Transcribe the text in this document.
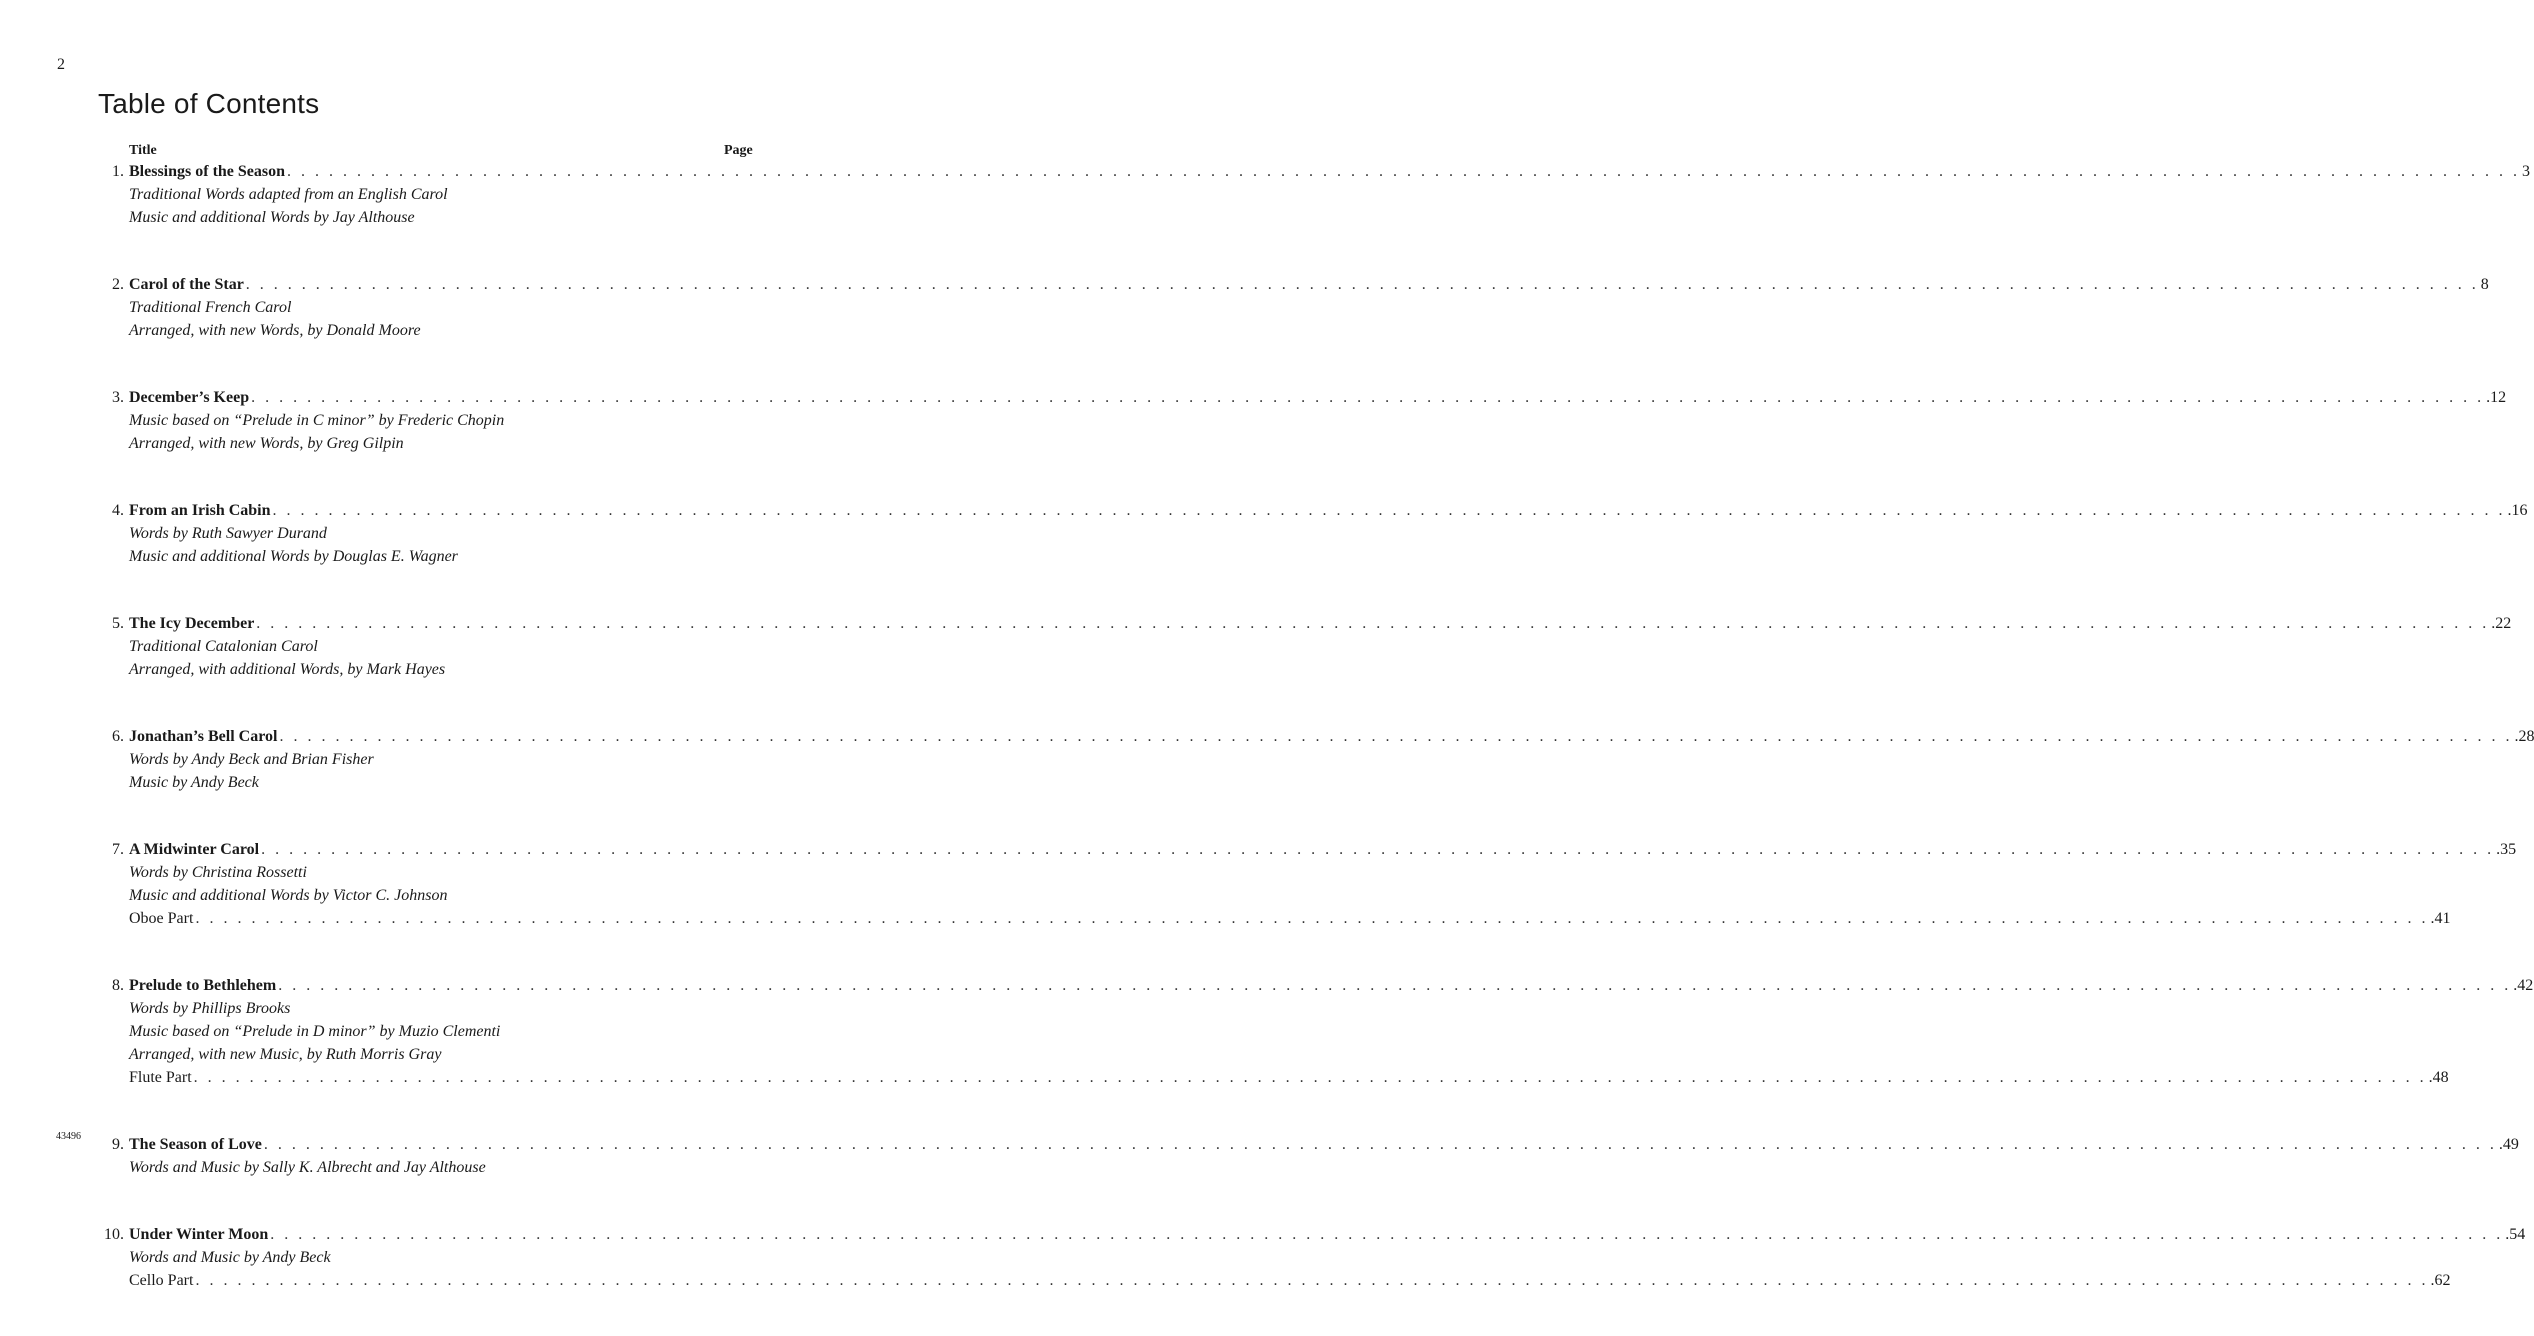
2
Table of Contents
Title	Page
1. Blessings of the Season . . . . . . . . . . . . . . . . . . . . . . . . . . . . . . . . . . . . . . . . . . . . . . . . . . . . . . . . . . . . . . . . . . . . . . . . . . . . . . . . . . . . . . . . . . . . . . . . . . . . . . . . . . . . . . . . . . . . . . . . . . . . . . . . . . . . . . . . . . . . . . . . . . . . . . . . . . . . . . . . 3
Traditional Words adapted from an English Carol
Music and additional Words by Jay Althouse
2. Carol of the Star . . . . . . . . . . . . . . . . . . . . . . . . . . . . . . . . . . . . . . . . . . . . . . . . . . . . . . . . . . . . . . . . . . . . . . . . . . . . . . . . . . . . . . . . . . . . . . . . . . . . . . . . . . . . . . . . . . . . . . . . . . . . . . . . . . . . . . . . . . . . . . . . . . . . . . . . . . . . . . . . 8
Traditional French Carol
Arranged, with new Words, by Donald Moore
3. December’s Keep . . . . . . . . . . . . . . . . . . . . . . . . . . . . . . . . . . . . . . . . . . . . . . . . . . . . . . . . . . . . . . . . . . . . . . . . . . . . . . . . . . . . . . . . . . . . . . . . . . . . . . . . . . . . . . . . . . . . . . . . . . . . . . . . . . . . . . . . . . . . . . . . . . . . . . . . . . . . . . . . .12
Music based on “Prelude in C minor” by Frederic Chopin
Arranged, with new Words, by Greg Gilpin
4. From an Irish Cabin . . . . . . . . . . . . . . . . . . . . . . . . . . . . . . . . . . . . . . . . . . . . . . . . . . . . . . . . . . . . . . . . . . . . . . . . . . . . . . . . . . . . . . . . . . . . . . . . . . . . . . . . . . . . . . . . . . . . . . . . . . . . . . . . . . . . . . . . . . . . . . . . . . . . . . . . . . . . . . . . .16
Words by Ruth Sawyer Durand
Music and additional Words by Douglas E. Wagner
5. The Icy December . . . . . . . . . . . . . . . . . . . . . . . . . . . . . . . . . . . . . . . . . . . . . . . . . . . . . . . . . . . . . . . . . . . . . . . . . . . . . . . . . . . . . . . . . . . . . . . . . . . . . . . . . . . . . . . . . . . . . . . . . . . . . . . . . . . . . . . . . . . . . . . . . . . . . . . . . . . . . . . . .22
Traditional Catalonian Carol
Arranged, with additional Words, by Mark Hayes
6. Jonathan’s Bell Carol . . . . . . . . . . . . . . . . . . . . . . . . . . . . . . . . . . . . . . . . . . . . . . . . . . . . . . . . . . . . . . . . . . . . . . . . . . . . . . . . . . . . . . . . . . . . . . . . . . . . . . . . . . . . . . . . . . . . . . . . . . . . . . . . . . . . . . . . . . . . . . . . . . . . . . . . . . . . . . . . .28
Words by Andy Beck and Brian Fisher
Music by Andy Beck
7. A Midwinter Carol . . . . . . . . . . . . . . . . . . . . . . . . . . . . . . . . . . . . . . . . . . . . . . . . . . . . . . . . . . . . . . . . . . . . . . . . . . . . . . . . . . . . . . . . . . . . . . . . . . . . . . . . . . . . . . . . . . . . . . . . . . . . . . . . . . . . . . . . . . . . . . . . . . . . . . . . . . . . . . . . .35
Words by Christina Rossetti
Music and additional Words by Victor C. Johnson
Oboe Part . . . . . . . . . . . . . . . . . . . . . . . . . . . . . . . . . . . . . . . . . . . . . . . . . . . . . . . . . . . . . . . . . . . . . . . . . . . . . . . . . . . . . . . . . . . . . . . . . . . . . . . . . . . . . . . . . . . . . . . . . . . . . . . . . . . . . . . . . . . . . . . . . . . . . . . . . . . . . . . . .41
8. Prelude to Bethlehem . . . . . . . . . . . . . . . . . . . . . . . . . . . . . . . . . . . . . . . . . . . . . . . . . . . . . . . . . . . . . . . . . . . . . . . . . . . . . . . . . . . . . . . . . . . . . . . . . . . . . . . . . . . . . . . . . . . . . . . . . . . . . . . . . . . . . . . . . . . . . . . . . . . . . . . . . . . . . . . . .42
Words by Phillips Brooks
Music based on “Prelude in D minor” by Muzio Clementi
Arranged, with new Music, by Ruth Morris Gray
Flute Part . . . . . . . . . . . . . . . . . . . . . . . . . . . . . . . . . . . . . . . . . . . . . . . . . . . . . . . . . . . . . . . . . . . . . . . . . . . . . . . . . . . . . . . . . . . . . . . . . . . . . . . . . . . . . . . . . . . . . . . . . . . . . . . . . . . . . . . . . . . . . . . . . . . . . . . . . . . . . . . . .48
9. The Season of Love . . . . . . . . . . . . . . . . . . . . . . . . . . . . . . . . . . . . . . . . . . . . . . . . . . . . . . . . . . . . . . . . . . . . . . . . . . . . . . . . . . . . . . . . . . . . . . . . . . . . . . . . . . . . . . . . . . . . . . . . . . . . . . . . . . . . . . . . . . . . . . . . . . . . . . . . . . . . . . . . .49
Words and Music by Sally K. Albrecht and Jay Althouse
10. Under Winter Moon . . . . . . . . . . . . . . . . . . . . . . . . . . . . . . . . . . . . . . . . . . . . . . . . . . . . . . . . . . . . . . . . . . . . . . . . . . . . . . . . . . . . . . . . . . . . . . . . . . . . . . . . . . . . . . . . . . . . . . . . . . . . . . . . . . . . . . . . . . . . . . . . . . . . . . . . . . . . . . . . .54
Words and Music by Andy Beck
Cello Part . . . . . . . . . . . . . . . . . . . . . . . . . . . . . . . . . . . . . . . . . . . . . . . . . . . . . . . . . . . . . . . . . . . . . . . . . . . . . . . . . . . . . . . . . . . . . . . . . . . . . . . . . . . . . . . . . . . . . . . . . . . . . . . . . . . . . . . . . . . . . . . . . . . . . . . . . . . . . . . . .62
43496
